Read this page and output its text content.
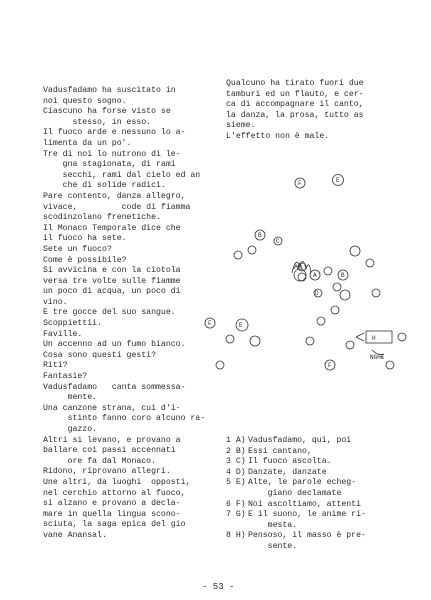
Vadusfadamo ha suscitato in
noi questo sogno.
Ciascuno ha forse visto se
stesso, in esso.
Il fuoco arde e nessuno lo a-
limenta da un po'.
Tre di noi lo nutrono di le-
gna stagionata, di rami
secchi, rami dal cielo ed an
che di solide radici.
Pare contento, danza allegro,
vivace,         code di fiamma
scodinzolano frenetiche.
Il Monaco Temporale dice che
il fuoco ha sete.
Sete un fuoco?
Come è possibile?
Si avvicina e con la ciotola
versa tre volte sulle fiamme
un poco di acqua, un poco di
vino.
E tre gocce del suo sangue.
Scoppiettii.
Faville.
Un accenno ad un fumo bianco.
Cosa sono questi gesti?
Riti?
Fantasie?
Vadusfadamo   canta sommessa-
mente.
Una canzone strana, cui d'i-
stinto fanno coro alcuno ra-
gazzo.
Altri si levano, e provano a
ballare coi passi accennati
ore fa dal Monaco.
Ridono, riprovano allegri.
Une altri, da luoghi  opposti,
nel cerchio attorno al fuoco,
si alzano e provano a decla-
mare in quella lingua scono-
sciuta, la saga epica del gio
vane Anansal.
Qualcuno ha tirato fuori due
tamburi ed un flauto, e cer-
ca di accompagnare il canto,
la danza, la prosa, tutto as
sieme.
L'effetto non è male.
F	E
B
C
A
D
B
F	E
H
F
NGH€
1 A) Vadusfadamo, qui, poi
2 B) Essi cantano,
3 C) Il fuoco ascolta.
4 D) Danzate, danzate
5 E) Alte, le parole echeg-
giano declamate
6 F) Noi ascoltiamo, attenti
7 G) E il suono, le anime ri-
mesta.
8 H) Pensoso, il masso è pre-
sente.
- 53 -
